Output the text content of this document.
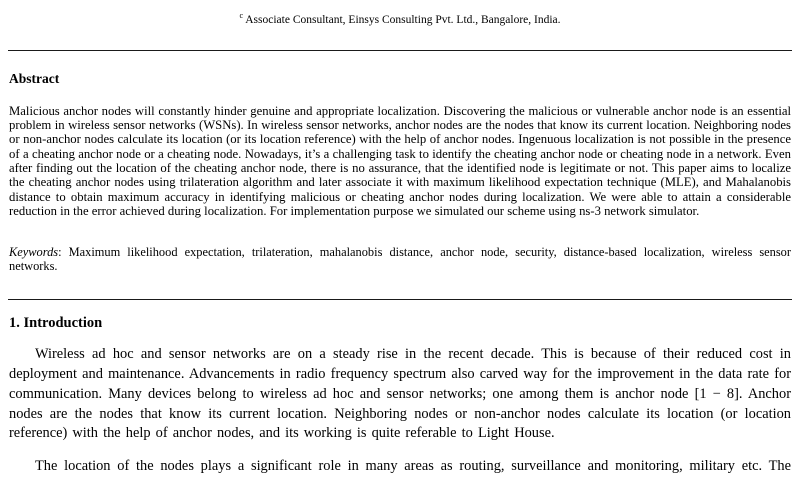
$^c$ Associate Consultant, Einsys Consulting Pvt. Ltd., Bangalore, India.
Abstract

Malicious anchor nodes will constantly hinder genuine and appropriate localization. Discovering the malicious or vulnerable anchor node is an essential problem in wireless sensor networks (WSNs). In wireless sensor networks, anchor nodes are the nodes that know its current location. Neighboring nodes or non-anchor nodes calculate its location (or its location reference) with the help of anchor nodes. Ingenuous localization is not possible in the presence of a cheating anchor node or a cheating node. Nowadays, it’s a challenging task to identify the cheating anchor node or cheating node in a network. Even after finding out the location of the cheating anchor node, there is no assurance, that the identified node is legitimate or not. This paper aims to localize the cheating anchor nodes using trilateration algorithm and later associate it with maximum likelihood expectation technique (MLE), and Mahalanobis distance to obtain maximum accuracy in identifying malicious or cheating anchor nodes during localization. We were able to attain a considerable reduction in the error achieved during localization. For implementation purpose we simulated our scheme using ns-3 network simulator.

Keywords: Maximum likelihood expectation, trilateration, mahalanobis distance, anchor node, security, distance-based localization, wireless sensor networks.

1. Introduction

Wireless ad hoc and sensor networks are on a steady rise in the recent decade. This is because of their reduced cost in deployment and maintenance. Advancements in radio frequency spectrum also carved way for the improvement in the data rate for communication. Many devices belong to wireless ad hoc and sensor networks; one among them is anchor node [1 − 8]. Anchor nodes are the nodes that know its current location. Neighboring nodes or non-anchor nodes calculate its location (or location reference) with the help of anchor nodes, and its working is quite referable to Light House.

The location of the nodes plays a significant role in many areas as routing, surveillance and monitoring, military etc. The
